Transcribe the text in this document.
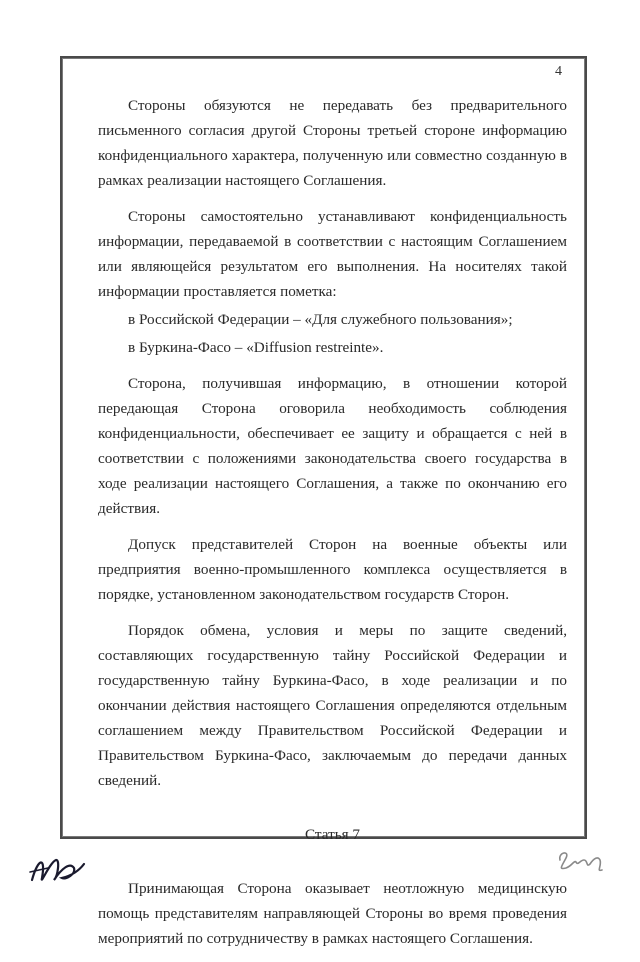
4

Стороны обязуются не передавать без предварительного письменного согласия другой Стороны третьей стороне информацию конфиденциального характера, полученную или совместно созданную в рамках реализации настоящего Соглашения.

Стороны самостоятельно устанавливают конфиденциальность информации, передаваемой в соответствии с настоящим Соглашением или являющейся результатом его выполнения. На носителях такой информации проставляется пометка:

в Российской Федерации – «Для служебного пользования»;

в Буркина-Фасо – «Diffusion restreinte».

Сторона, получившая информацию, в отношении которой передающая Сторона оговорила необходимость соблюдения конфиденциальности, обеспечивает ее защиту и обращается с ней в соответствии с положениями законодательства своего государства в ходе реализации настоящего Соглашения, а также по окончанию его действия.

Допуск представителей Сторон на военные объекты или предприятия военно-промышленного комплекса осуществляется в порядке, установленном законодательством государств Сторон.

Порядок обмена, условия и меры по защите сведений, составляющих государственную тайну Российской Федерации и государственную тайну Буркина-Фасо, в ходе реализации и по окончании действия настоящего Соглашения определяются отдельным соглашением между Правительством Российской Федерации и Правительством Буркина-Фасо, заключаемым до передачи данных сведений.

Статья 7

Принимающая Сторона оказывает неотложную медицинскую помощь представителям направляющей Стороны во время проведения мероприятий по сотрудничеству в рамках настоящего Соглашения.
